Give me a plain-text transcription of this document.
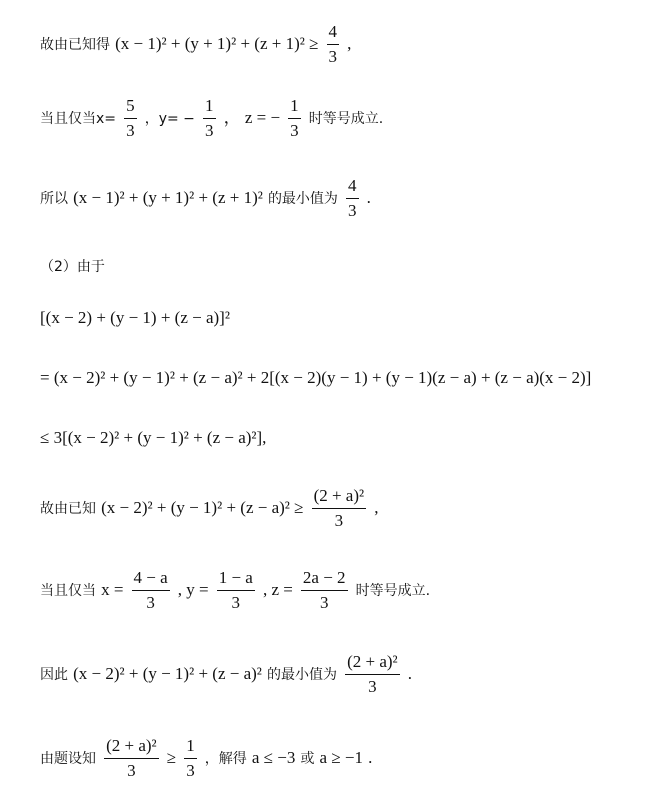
故由已知得 $(x - 1)^2 + (y + 1)^2 + (z + 1)^2 \ge \frac{4}{3}$ ,
当且仅当$x= \frac{5}{3}$ ，$y= - \frac{1}{3}$ ， z = − $\frac{1}{3}$ 时等号成立.
所以 (x − 1)² + (y + 1)² + (z + 1)² 的最小值为 $\frac{4}{3}$ .
（2）由于
[(x − 2) + (y − 1) + (z − a)]²
= (x − 2)² + (y − 1)² + (z − a)² + 2[(x − 2)(y − 1) + (y − 1)(z − a) + (z − a)(x − 2)]
≤ 3[(x − 2)² + (y − 1)² + (z − a)²],
故由已知 $(x - 2)^2 + (y - 1)^2 + (z - a)^2 \ge \frac{\text{(2 + a)²}}{3}$ ,
当且仅当 $x = \frac{4 - a}{3}$ , $y = \frac{1 - a}{3}$ , $z = \frac{2a - 2}{3}$ 时等号成立.
因此 (x − 2)² + (y − 1)² + (z − a)² 的最小值为 $\frac{\text{(2 + a)²}}{3}$ .
由题设知 $\frac{\text{(2 + a)²}}{3} \ge \frac{1}{3}$ ，解得 a ≤ −3 或 a ≥ −1 .
